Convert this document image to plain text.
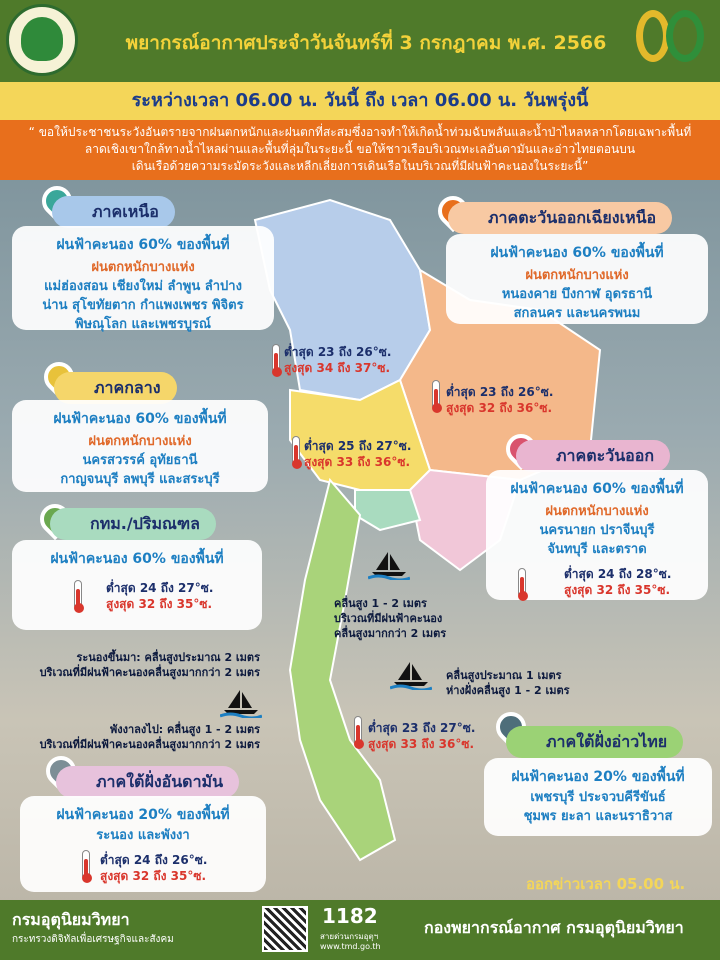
พยากรณ์อากาศประจำวันจันทร์ที่ 3 กรกฎาคม พ.ศ. 2566
ระหว่างเวลา 06.00 น. วันนี้ ถึง เวลา 06.00 น. วันพรุ่งนี้
“ ขอให้ประชาชนระวังอันตรายจากฝนตกหนักและฝนตกที่สะสมซึ่งอาจทำให้เกิดน้ำท่วมฉับพลันและน้ำป่าไหลหลากโดยเฉพาะพื้นที่
ลาดเชิงเขาใกล้ทางน้ำไหลผ่านและพื้นที่ลุ่มในระยะนี้ ขอให้ชาวเรือบริเวณทะเลอันดามันและอ่าวไทยตอนบน
เดินเรือด้วยความระมัดระวังและหลีกเลี่ยงการเดินเรือในบริเวณที่มีฝนฟ้าคะนองในระยะนี้”
ภาคเหนือ
ฝนฟ้าคะนอง 60% ของพื้นที่
ฝนตกหนักบางแห่ง
แม่ฮ่องสอน เชียงใหม่ ลำพูน ลำปาง
น่าน สุโขทัยตาก กำแพงเพชร พิจิตร
พิษณุโลก และเพชรบูรณ์
ต่ำสุด 23 ถึง 26°ซ.
สูงสุด 34 ถึง 37°ซ.
ภาคตะวันออกเฉียงเหนือ
ฝนฟ้าคะนอง 60% ของพื้นที่
ฝนตกหนักบางแห่ง
หนองคาย บึงกาฬ อุดรธานี
สกลนคร และนครพนม
ต่ำสุด 23 ถึง 26°ซ.
สูงสุด 32 ถึง 36°ซ.
ภาคกลาง
ฝนฟ้าคะนอง 60% ของพื้นที่
ฝนตกหนักบางแห่ง
นครสวรรค์ อุทัยธานี
กาญจนบุรี ลพบุรี และสระบุรี
ต่ำสุด 25 ถึง 27°ซ.
สูงสุด 33 ถึง 36°ซ.	ภาคตะวันออก
ฝนฟ้าคะนอง 60% ของพื้นที่
ฝนตกหนักบางแห่ง
นครนายก ปราจีนบุรี
จันทบุรี และตราด
ต่ำสุด 24 ถึง 28°ซ.
สูงสุด 32 ถึง 35°ซ.
กทม./ปริมณฑล
ฝนฟ้าคะนอง 60% ของพื้นที่
ต่ำสุด 24 ถึง 27°ซ.
สูงสุด 32 ถึง 35°ซ.	คลื่นสูง 1 - 2 เมตร
บริเวณที่มีฝนฟ้าคะนอง
คลื่นสูงมากกว่า 2 เมตร
คลื่นสูงประมาณ 1 เมตร
ห่างฝั่งคลื่นสูง 1 - 2 เมตร
ระนองขึ้นมา: คลื่นสูงประมาณ 2 เมตร
บริเวณที่มีฝนฟ้าคะนองคลื่นสูงมากกว่า 2 เมตร
พังงาลงไป: คลื่นสูง 1 - 2 เมตร
บริเวณที่มีฝนฟ้าคะนองคลื่นสูงมากกว่า 2 เมตร
ต่ำสุด 23 ถึง 27°ซ.
สูงสุด 33 ถึง 36°ซ.	ภาคใต้ฝั่งอ่าวไทย
ฝนฟ้าคะนอง 20% ของพื้นที่
เพชรบุรี ประจวบคีรีขันธ์
ชุมพร ยะลา และนราธิวาส
ภาคใต้ฝั่งอันดามัน
ฝนฟ้าคะนอง 20% ของพื้นที่
ระนอง และพังงา
ต่ำสุด 24 ถึง 26°ซ.
สูงสุด 32 ถึง 35°ซ.	ออกข่าวเวลา 05.00 น.
กรมอุตุนิยมวิทยา
กระทรวงดิจิทัลเพื่อเศรษฐกิจและสังคม
1182
สายด่วนกรมอุตุฯ
www.tmd.go.th
กองพยากรณ์อากาศ กรมอุตุนิยมวิทยา
